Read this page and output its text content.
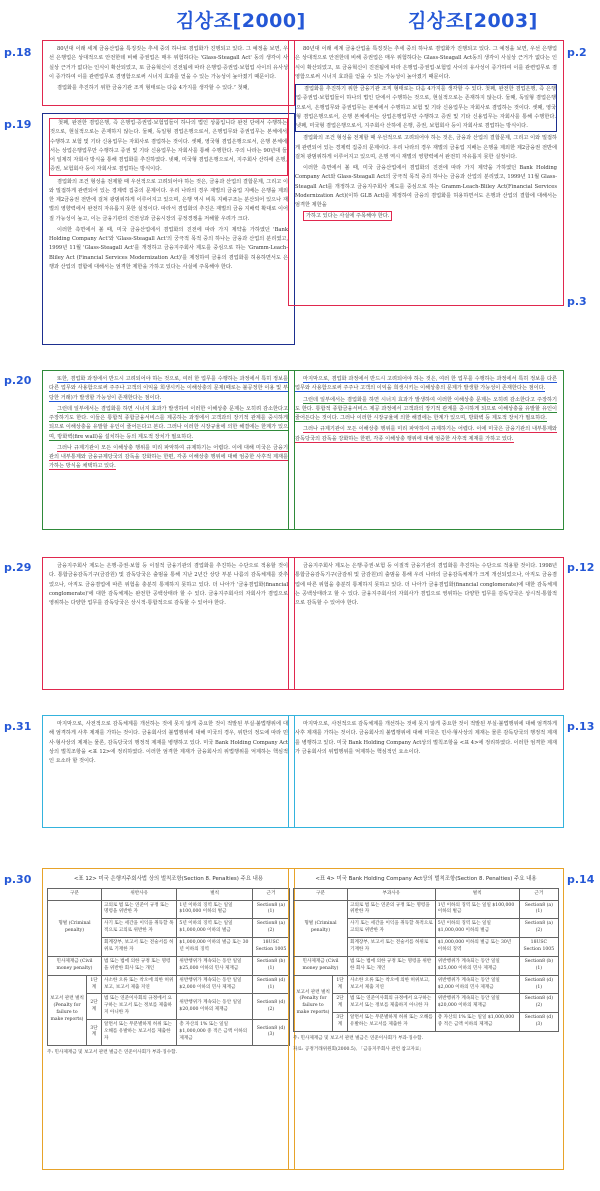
김상조[2000]	김상조[2003]
p.18
p.19
p.20
p.29
p.31
p.30
p.2
p.3
p.12
p.13
p.14

80년대 이래 세계 금융산업을 특징짓는 추세 중의 하나로 겸업화가 진행되고 있다. 그 예정을 보면, 우선 은행업은 상대적으로 안전한데 비해 증권업은 매우 위험하다는 'Glass-Steagall Act' 동의 생각이 사실상 근거가 없다는 인식이 확산되었고, 또 금융혁신이 진전됨에 따라 은행업·증권업·보험업 사이의 유사성이 증가하여 이를 관련업무로 겸영함으로써 시너지 효과를 얻을 수 있는 가능성이 높아졌기 때문이다.

겸업화를 추진하기 위한 금융기관 조직 형태로는 다음 4가지를 생각할 수 있다.⁷ 첫째,

첫째, 완전한 겸업은행, 즉 은행업·증권업·보험업들이 하나의 법인 상품입니다 완전 단에서 수행하는 것으로, 현실적으로는 존재하지 않는다. 둘째, 독일형 겸업은행으로서, 은행업무와 증권업무는 본체에서 수행하고 보험 및 기타 신용업무는 자회사로 겸업하는 것이다. 셋째, 영국형 겸업은행으로서, 은행 본체에서는 상업은행업무만 수행하고 증권 및 기타 신용업무는 자회사를 통해 수행한다. 주의 나라는 90년대 들어 일제히 자회사 방식을 통해 겸업화를 추진하였다. 넷째, 미국형 겸업은행으로서, 지주회사 산하에 은행, 증권, 보험회사 등이 자회사로 겸업하는 방식이다.

겸업화의 조건 형성을 전제할 때 우선적으로 고려되어야 하는 것은, 금융과 산업의 결합문제, 그리고 이와 밀접하게 관련되어 있는 경제력 집중의 문제이다. 우리 나라의 경우 재벌의 금융업 지배는 은행을 제외한 제2금융권 전반에 걸쳐 광범위하게 이루어지고 있으며, 은행 역시 비록 지배구조는 분산되어 있으나 재벌의 영향력에서 완전히 자유롭지 못한 실정이다. 따라서 겸업화의 추진은 재벌의 금융 지배력 확대로 이어질 가능성이 높고, 이는 금융기관의 건전성과 금융시장의 공정경쟁을 저해할 우려가 크다.

이러한 측면에서 볼 때, 미국 금융산업에서 겸업화의 진전에 따라 가지 제약을 가하였던 'Bank Holding Company Act'와 'Glass-Steagall Act'의 궁극적 목적 중의 하나는 금융과 산업의 분리였고, 1999년 11월 'Glass-Steagall Act'를 개정하고 금융지주회사 제도를 중심으로 하는 'Gramm-Leach-Bliley Act (Financial Services Modernization Act)'를 제정하여 금융의 겸업화를 허용하면서도 은행과 산업의 결합에 대해서는 엄격한 제한을 가하고 있다는 사실에 주목해야 한다.

80년대 이래 세계 금융산업을 특징짓는 추세 중의 하나로 겸업화가 진행되고 있다. 그 예정을 보면, 우선 은행업은 상대적으로 안전한데 비해 증권업은 매우 위험하다는 Glass-Steagall Act동의 생각이 사실상 근거가 없다는 인식이 확산되었고, 또 금융혁신이 진전됨에 따라 은행업·증권업·보험업 사이의 유사성이 증가하여 이를 관련업무로 겸영함으로써 시너지 효과를 얻을 수 있는 가능성이 높아졌기 때문이다.

겸업화를 추진하기 위한 금융기관 조직 형태로는 다음 4가지를 생각할 수 있다. 첫째, 완전한 겸업은행, 즉 은행업·증권업·보험업들이 하나의 법인 단에서 수행하는 것으로, 현실적으로는 존재하지 않는다. 둘째, 독일형 겸업은행으로서, 은행업무와 증권업무는 본체에서 수행하고 보험 및 기타 신용업무는 자회사로 겸업하는 것이다. 셋째, 영국형 겸업은행으로서, 은행 본체에서는 상업은행업무만 수행하고 증권 및 기타 신용업무는 자회사를 통해 수행한다. 넷째, 미국형 겸업은행으로서, 지주회사 산하에 은행, 증권, 보험회사 등이 자회사로 겸업하는 방식이다.

겸업화의 조건 형성을 전제할 때 우선적으로 고려되어야 하는 것은, 금융과 산업의 결합문제, 그리고 이와 밀접하게 관련되어 있는 경제력 집중의 문제이다. 우리 나라의 경우 재벌의 금융업 지배는 은행을 제외한 제2금융권 전반에 걸쳐 광범위하게 이루어지고 있으며, 은행 역시 재벌의 영향력에서 완전히 자유롭지 못한 실정이다.

이러한 측면에서 볼 때, 미국 금융산업에서 겸업화의 진전에 따라 가지 제약을 가하였던 Bank Holding Company Act와 Glass-Steagall Act의 궁극적 목적 중의 하나는 금융과 산업의 분리였고, 1999년 11월 Glass-Steagall Act를 개정하고 금융지주회사 제도를 중심으로 하는 Gramm-Leach-Bliley Act(Financial Services Modernization Act)(이하 GLB Act)를 제정하여 금융의 겸업화를 허용하면서도 은행과 산업의 결합에 대해서는 엄격한 제한을

가하고 있다는 사실에 주목해야 한다.

또한, 겸업화 과정에서 반드시 고려되어야 하는 것으로, 여러 한 업무를 수행하는 과정에서 특히 정보를 다른 업무와 사용함으로써 주주나 고객의 이익을 희생시키는 이해상충의 문제(때로는 불공정한 이용 및 부당한 거래)가 발생할 가능성이 존재한다는 점이다.

그런데 일부에서는 겸업화를 하면 시너지 효과가 발생하여 이러한 이해상충 문제는 오히려 감소한다고 주장하기도 한다. 이들은 통합적 종합금융서비스를 제공하는 과정에서 고객과의 장기적 관계를 중시하게 되므로 이해상충을 유발할 유인이 줄어든다고 본다. 그러나 이러한 시장규율에 의한 해결에는 한계가 있으며, 방화벽(fire wall)을 설치하는 등의 제도적 장치가 필요하다.

그러나 규제기관이 모든 이해상충 행위를 미리 파악하여 규제하기는 어렵다. 이에 대해 미국은 금융기관의 내부통제와 금융규제당국의 감독을 강화하는 한편, 각종 이해상충 행위에 대해 엄중한 사후적 제재를 가하는 방식을 채택하고 있다.

마지막으로, 겸업화 과정에서 반드시 고려되어야 하는 것은, 여러 한 업무를 수행하는 과정에서 특히 정보를 다른 업무와 사용함으로써 주주나 고객의 이익을 희생시키는 이해상충의 문제가 발생할 가능성이 존재한다는 점이다.

그런데 일부에서는 겸업화를 하면 시너지 효과가 발생하여 이러한 이해상충 문제는 오히려 감소한다고 주장하기도 한다. 통합적 종합금융서비스 제공 과정에서 고객과의 장기적 관계를 중시하게 되므로 이해상충을 유발할 유인이 줄어든다는 것이다. 그러나 이러한 시장규율에 의한 해결에는 한계가 있으며, 방화벽 등 제도적 장치가 필요하다.

그러나 규제기관이 모든 이해상충 행위를 미리 파악하여 규제하기는 어렵다. 이에 미국은 금융기관의 내부통제와 감독당국의 감독을 강화하는 한편, 각종 이해상충 행위에 대해 엄중한 사후적 제재를 가하고 있다.

금융지주회사 제도는 은행·증권·보험 등 이질적 금융기관의 겸업화를 추진하는 수단으로 적용할 것이다. 통합금융감독기구(금감원) 및 감독당국은 출범을 통해 지난 2년간 상당 부분 나름의 감독체계를 갖추었으나, 아직도 금융겸업에 따른 위험을 충분히 통제하지 못하고 있다. 더 나아가 '금융겸업화(financial conglomerate)'에 대한 감독체계는 완전한 공백상태라 할 수 있다. 금융지주회사의 자회사가 겸업으로 영위하는 다양한 업무를 감독당국은 상시적·통합적으로 감독할 수 있어야 한다.

금융지주회사 제도는 은행·증권·보험 등 이질적 금융기관의 겸업화를 추진하는 수단으로 적용할 것이다. 1998년 통합금융감독기구(금감위 및 금감원)의 출범을 통해 우리 나라의 금융감독체계가 크게 개선되었으나, 아직도 금융겸업에 따른 위험을 충분히 통제하지 못하고 있다. 더 나아가 금융겸업화(financial conglomerate)에 대한 감독체계는 공백상태라고 할 수 있다. 금융지주회사의 자회사가 겸업으로 영위하는 다양한 업무를 감독당국은 상시적·통합적으로 감독할 수 있어야 한다.

마지막으로, 사전적으로 감독체계를 개선하는 것에 못지 않게 중요한 것이 적발된 부실·불법행위에 대해 엄격하게 사후 제재를 가하는 것이다. 금융회사의 불법행위에 대해 미국의 경우, 위반의 정도에 따라 민사·형사상의 제재는 물론, 감독당국의 행정적 제재를 병행하고 있다. 미국 Bank Holding Company Act상의 벌칙조항을 <표 12>에 정리하였다. 이러한 엄격한 제재가 금융회사의 위법행위를 억제하는 핵심적인 요소라 할 것이다.

마지막으로, 사전적으로 감독체계를 개선하는 것에 못지 않게 중요한 것이 적발된 부실·불법행위에 대해 엄격하게 사후 제재를 가하는 것이다. 금융회사의 불법행위에 대해 미국은 민사·형사상의 제재는 물론 감독당국의 행정적 제재를 병행하고 있다. 미국 Bank Holding Company Act상의 벌칙조항을 <표 4>에 정리하였다. 이러한 엄격한 제재가 금융회사의 위법행위를 억제하는 핵심적인 요소이다.

<표 12> 미국 은행지주회사법 상의 벌칙조항(Section 8. Penalties) 주요 내용
구분		위반사유	벌칙	근거
형벌 (Criminal penalty)		고의로 법 또는 연준이 규정 또는 명령을 위반한 자	1년 이하의 징역 또는 일일 $100,000 이하의 벌금	Section8 (a)(1)
		사기 또는 세간을 이익을 취득할 목적으로 고의로 위반한 자	5년 이하의 징역 또는 일일 $1,000,000 이하의 벌금	Section8 (a)(2)
		회계장부, 보고서 또는 전술서를 허위로 기재한 자	$1,000,000 이하의 벌금 또는 30년 이하의 징역	18USC Section 1005
민사제재금 (Civil money penalty)		법 또는 법에 의한 규정 또는 명령을 위반한 회사 또는 개인	위반행위가 계속되는 동안 일일 $25,000 이하의 민사 제재금	Section8 (b)(1)
보고서 관련 벌칙 (Penalty for failure to make reports)	1단계	사소한 오류 또는 착오에 의한 허위보고, 보고서 제출 지연	위반행위가 계속되는 동안 일일 $2,000 이하의 민사 제재금	Section8 (d)(1)
	2단계	법 또는 연준이사회의 규정에서 요구하는 보고서 또는 정보를 제출하지 아니한 자	위반행위가 계속되는 동안 일일 $20,000 이하의 제재금	Section8 (d)(2)
	3단계	알면서 또는 무분별하게 허위 또는 오해를 유발하는 보고서를 제출한 자	총 자산의 1% 또는 일일 $1,000,000 중 적은 금액 이하의 제재금	Section8 (d)(3)
주: 민사제재금 및 보고서 관련 벌금은 연준이사회가 부과·징수함.
<표 4> 미국 Bank Holding Company Act상의 벌칙조항(Section 8. Penalties) 주요 내용
구분		부과사유	벌칙	근거
형벌 (Criminal penalty)		고의로 법 또는 연준의 규정 또는 명령을 위반한 자	1년 이하의 징역 또는 일일 $100,000 이하의 벌금	Section8 (a)(1)
		사기 또는 세간을 이익을 취득할 목적으로 고의로 위반한 자	5년 이하의 징역 또는 일일 $1,000,000 이하의 벌금	Section8 (a)(2)
		회계장부, 보고서 또는 전술서를 허위로 기재한 자	$1,000,000 이하의 벌금 또는 30년 이하의 징역	18USC Section 1005
민사제재금 (Civil money penalty)		법 또는 법에 의한 규정 또는 명령을 위반한 회사 또는 개인	위반행위가 계속되는 동안 일일 $25,000 이하의 민사 제재금	Section8 (b)(1)
보고서 관련 벌칙 (Penalty for failure to make reports)	1단계	사소한 오류 또는 착오에 의한 허위보고, 보고서 제출 지연	위반행위가 계속되는 동안 일일 $2,000 이하의 민사 제재금	Section8 (d)(1)
	2단계	법 또는 연준이사회의 규정에서 요구하는 보고서 또는 정보를 제출하지 아니한 자	위반행위가 계속되는 동안 일일 $20,000 이하의 제재금	Section8 (d)(2)
	3단계	알면서 또는 무분별하게 허위 또는 오해를 유발하는 보고서를 제출한 자	총 자산의 1% 또는 일일 $1,000,000 중 적은 금액 이하의 제재금	Section8 (d)(3)
주: 민사제재금 및 보고서 관련 벌금은 연준이사회가 부과·징수함.
자료: 공정거래위원회(2000.5), 「금융지주회사 관련 참고자료」
